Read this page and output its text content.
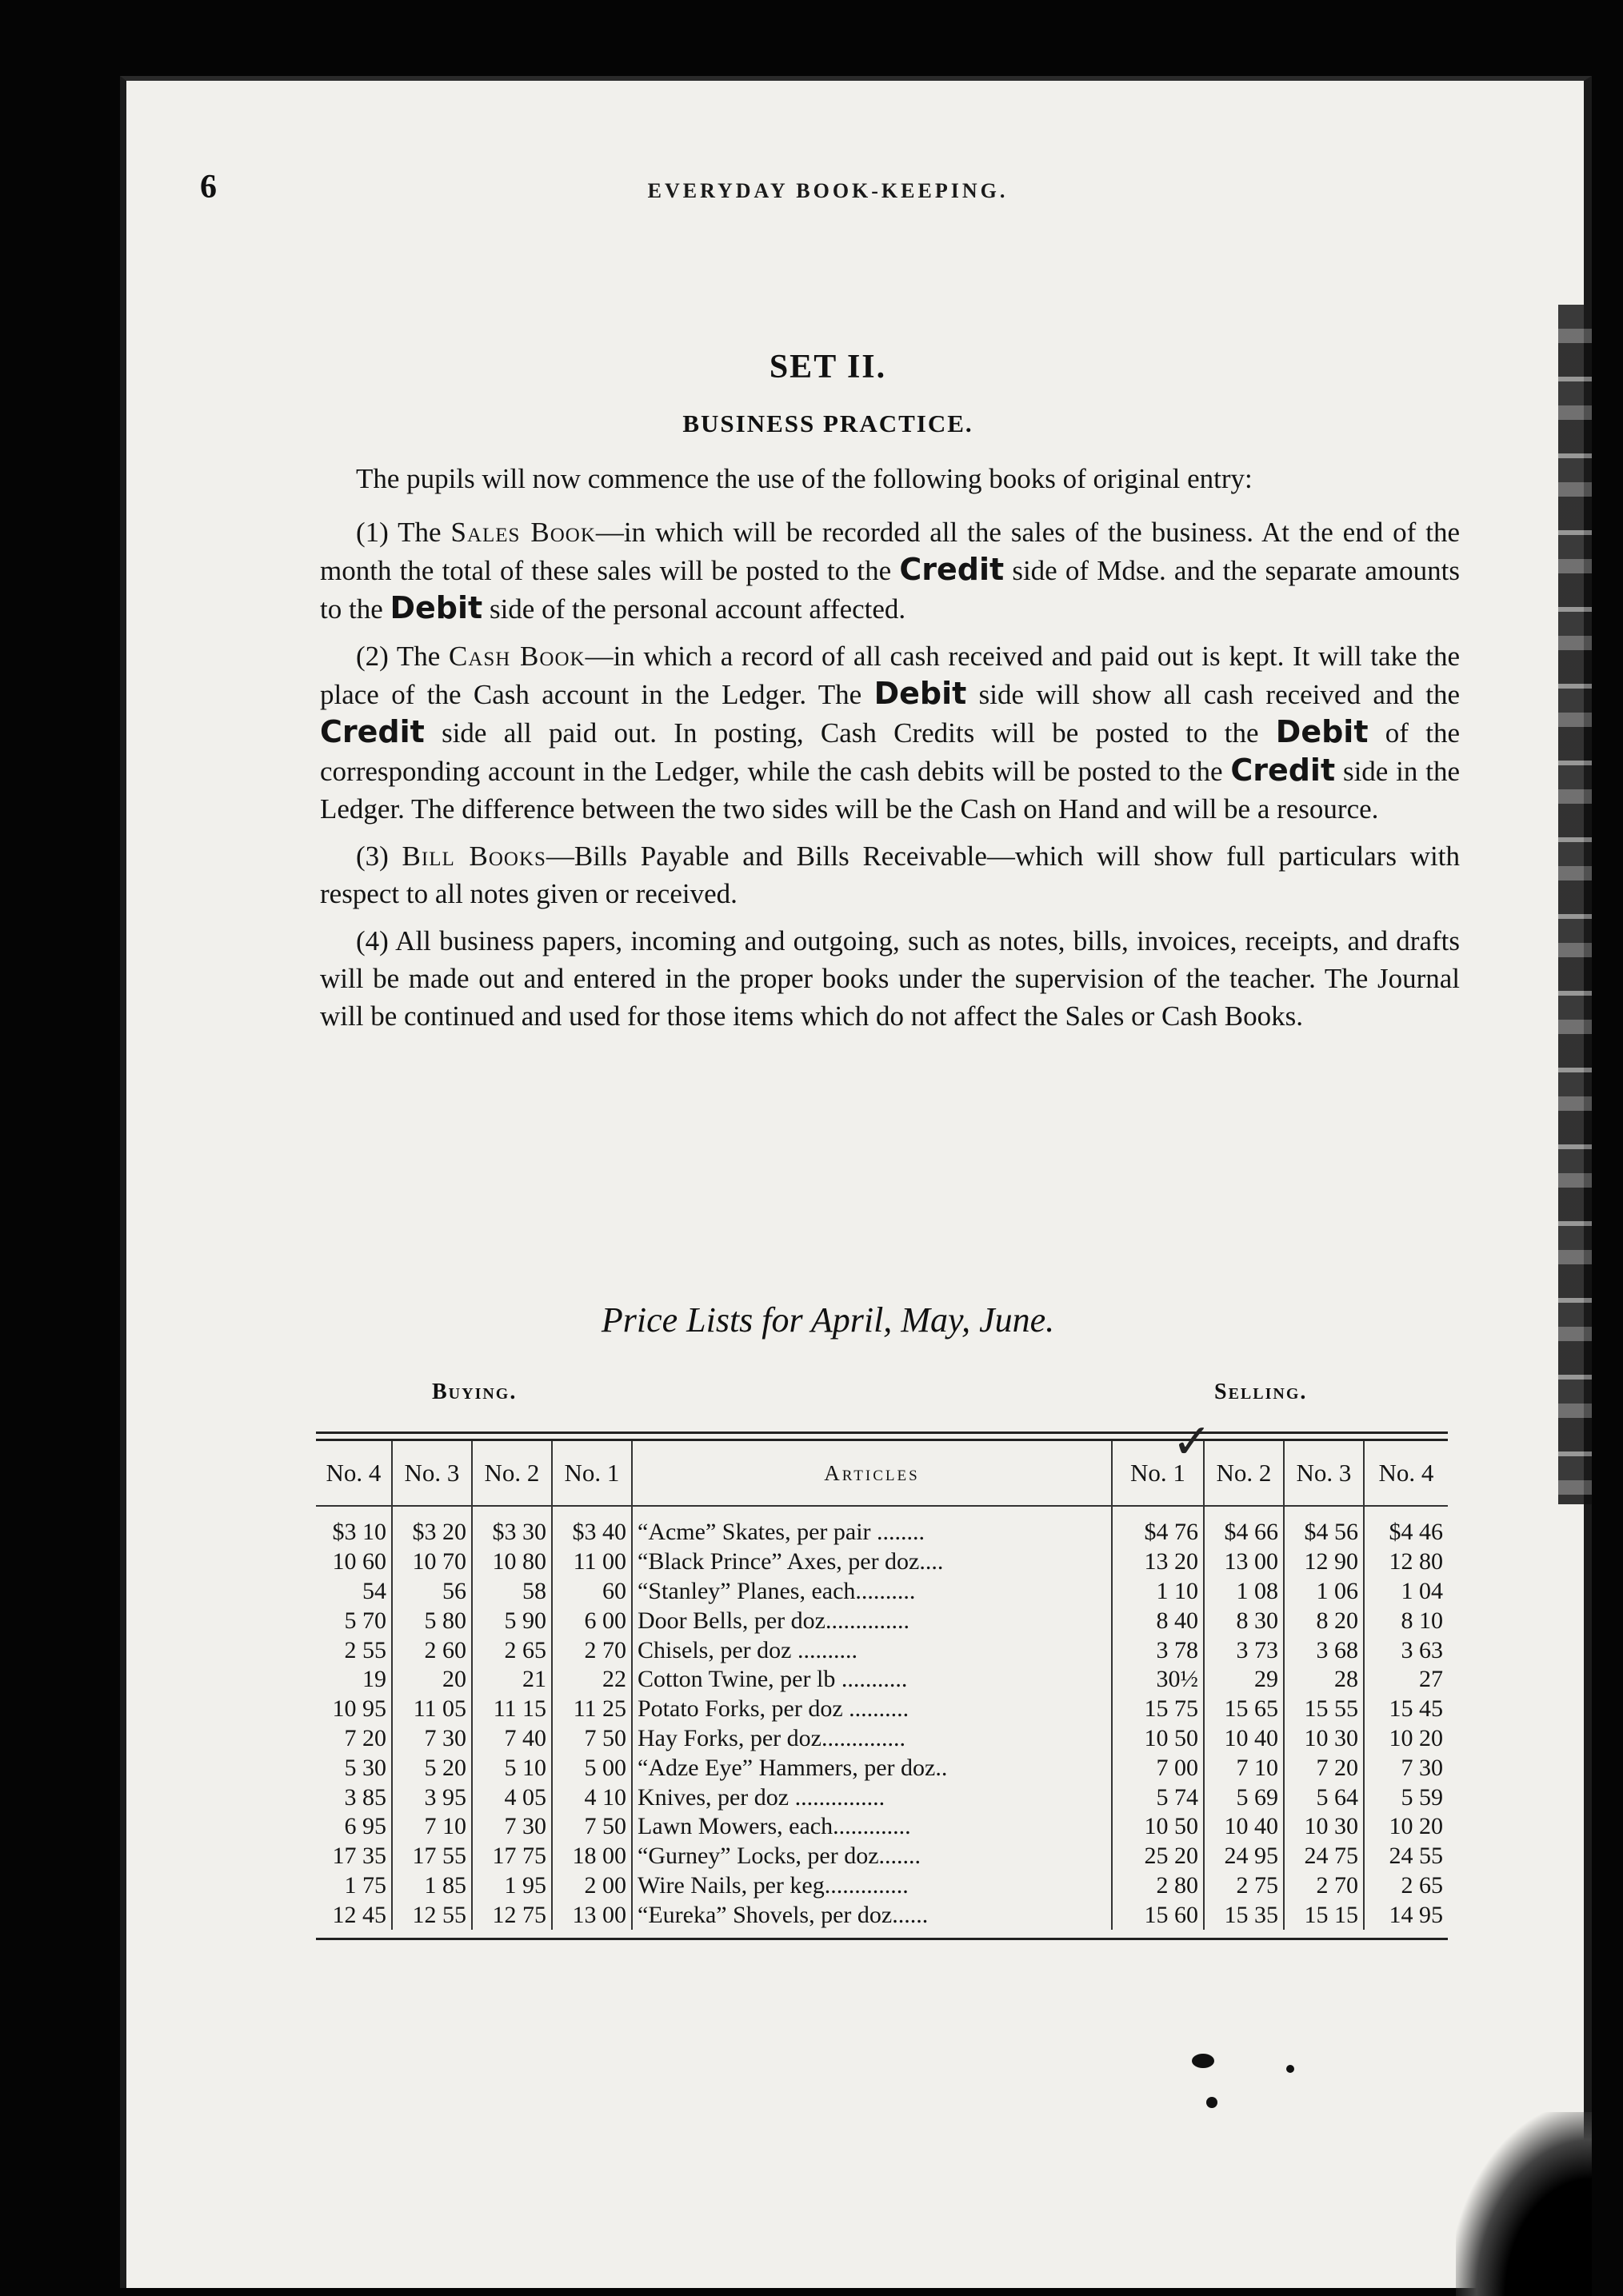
6	EVERYDAY BOOK-KEEPING.
SET II.
BUSINESS PRACTICE.

The pupils will now commence the use of the following books of original entry:

(1) The Sales Book—in which will be recorded all the sales of the business. At the end of the month the total of these sales will be posted to the Credit side of Mdse. and the separate amounts to the Debit side of the personal account affected.

(2) The Cash Book—in which a record of all cash received and paid out is kept. It will take the place of the Cash account in the Ledger. The Debit side will show all cash received and the Credit side all paid out. In posting, Cash Credits will be posted to the Debit of the corresponding account in the Ledger, while the cash debits will be posted to the Credit side in the Ledger. The difference between the two sides will be the Cash on Hand and will be a resource.

(3) Bill Books—Bills Payable and Bills Receivable—which will show full particulars with respect to all notes given or received.

(4) All business papers, incoming and outgoing, such as notes, bills, invoices, receipts, and drafts will be made out and entered in the proper books under the supervision of the teacher. The Journal will be continued and used for those items which do not affect the Sales or Cash Books.

Price Lists for April, May, June.
Buying.	Selling.
✓
No. 4	No. 3	No. 2	No. 1	Articles	No. 1	No. 2	No. 3	No. 4
$3 10	$3 20	$3 30	$3 40	“Acme” Skates, per pair ........	$4 76	$4 66	$4 56	$4 46
10 60	10 70	10 80	11 00	“Black Prince” Axes, per doz....	13 20	13 00	12 90	12 80
54	56	58	60	“Stanley” Planes, each..........	1 10	1 08	1 06	1 04
5 70	5 80	5 90	6 00	Door Bells, per doz..............	8 40	8 30	8 20	8 10
2 55	2 60	2 65	2 70	Chisels, per doz ..........	3 78	3 73	3 68	3 63
19	20	21	22	Cotton Twine, per lb ...........	30½	29	28	27
10 95	11 05	11 15	11 25	Potato Forks, per doz ..........	15 75	15 65	15 55	15 45
7 20	7 30	7 40	7 50	Hay Forks, per doz..............	10 50	10 40	10 30	10 20
5 30	5 20	5 10	5 00	“Adze Eye” Hammers, per doz..	7 00	7 10	7 20	7 30
3 85	3 95	4 05	4 10	Knives, per doz ...............	5 74	5 69	5 64	5 59
6 95	7 10	7 30	7 50	Lawn Mowers, each.............	10 50	10 40	10 30	10 20
17 35	17 55	17 75	18 00	“Gurney” Locks, per doz.......	25 20	24 95	24 75	24 55
1 75	1 85	1 95	2 00	Wire Nails, per keg..............	2 80	2 75	2 70	2 65
12 45	12 55	12 75	13 00	“Eureka” Shovels, per doz......	15 60	15 35	15 15	14 95
